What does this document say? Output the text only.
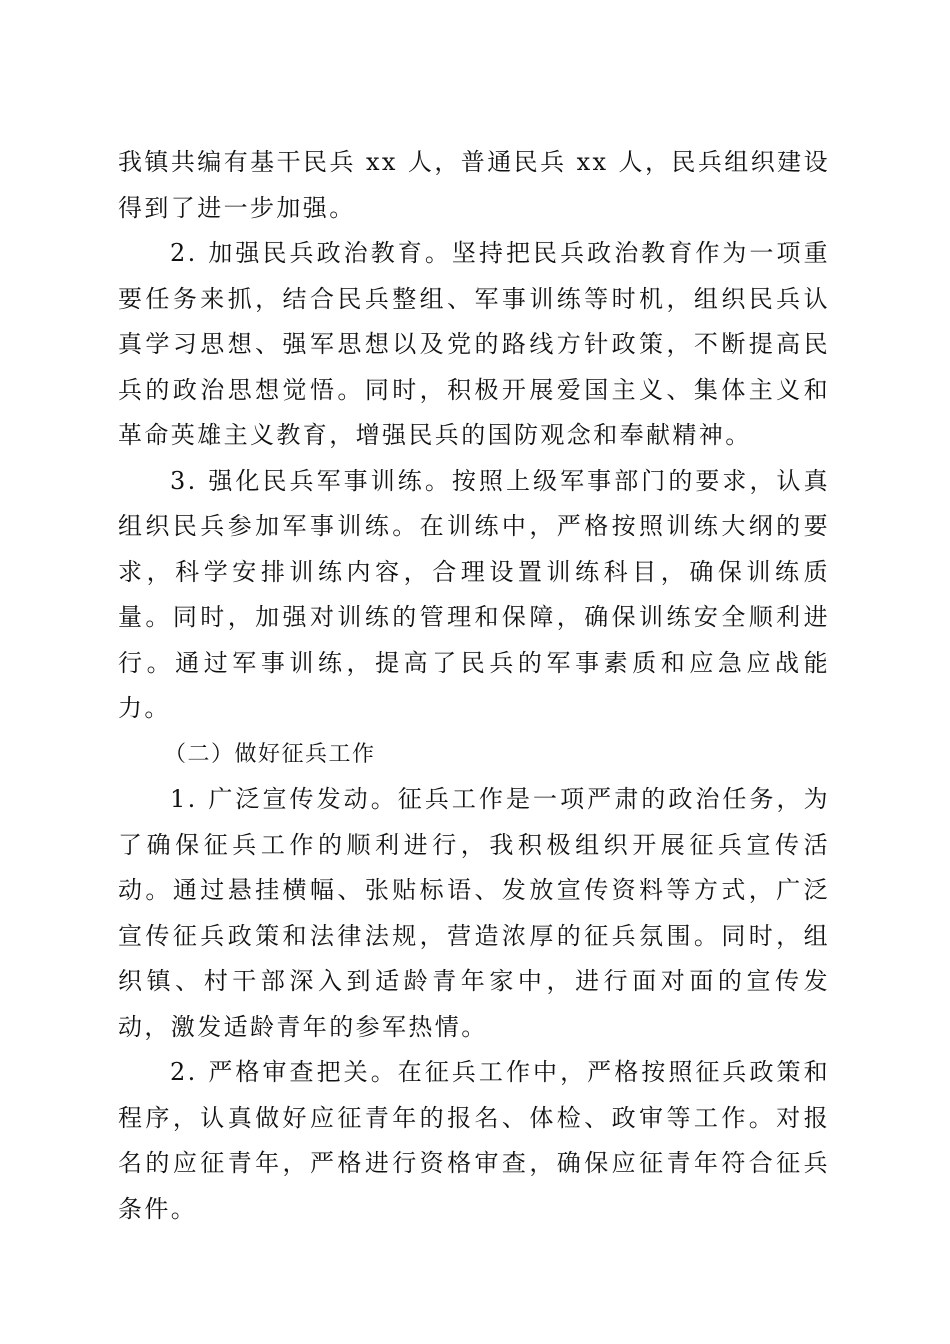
我镇共编有基干民兵 xx 人，普通民兵 xx 人，民兵组织建设得到了进一步加强。

2. 加强民兵政治教育。坚持把民兵政治教育作为一项重要任务来抓，结合民兵整组、军事训练等时机，组织民兵认真学习思想、强军思想以及党的路线方针政策，不断提高民兵的政治思想觉悟。同时，积极开展爱国主义、集体主义和革命英雄主义教育，增强民兵的国防观念和奉献精神。

3. 强化民兵军事训练。按照上级军事部门的要求，认真组织民兵参加军事训练。在训练中，严格按照训练大纲的要求，科学安排训练内容，合理设置训练科目，确保训练质量。同时，加强对训练的管理和保障，确保训练安全顺利进行。通过军事训练，提高了民兵的军事素质和应急应战能力。

（二）做好征兵工作

1. 广泛宣传发动。征兵工作是一项严肃的政治任务，为了确保征兵工作的顺利进行，我积极组织开展征兵宣传活动。通过悬挂横幅、张贴标语、发放宣传资料等方式，广泛宣传征兵政策和法律法规，营造浓厚的征兵氛围。同时，组织镇、村干部深入到适龄青年家中，进行面对面的宣传发动，激发适龄青年的参军热情。

2. 严格审查把关。在征兵工作中，严格按照征兵政策和程序，认真做好应征青年的报名、体检、政审等工作。对报名的应征青年，严格进行资格审查，确保应征青年符合征兵条件。
